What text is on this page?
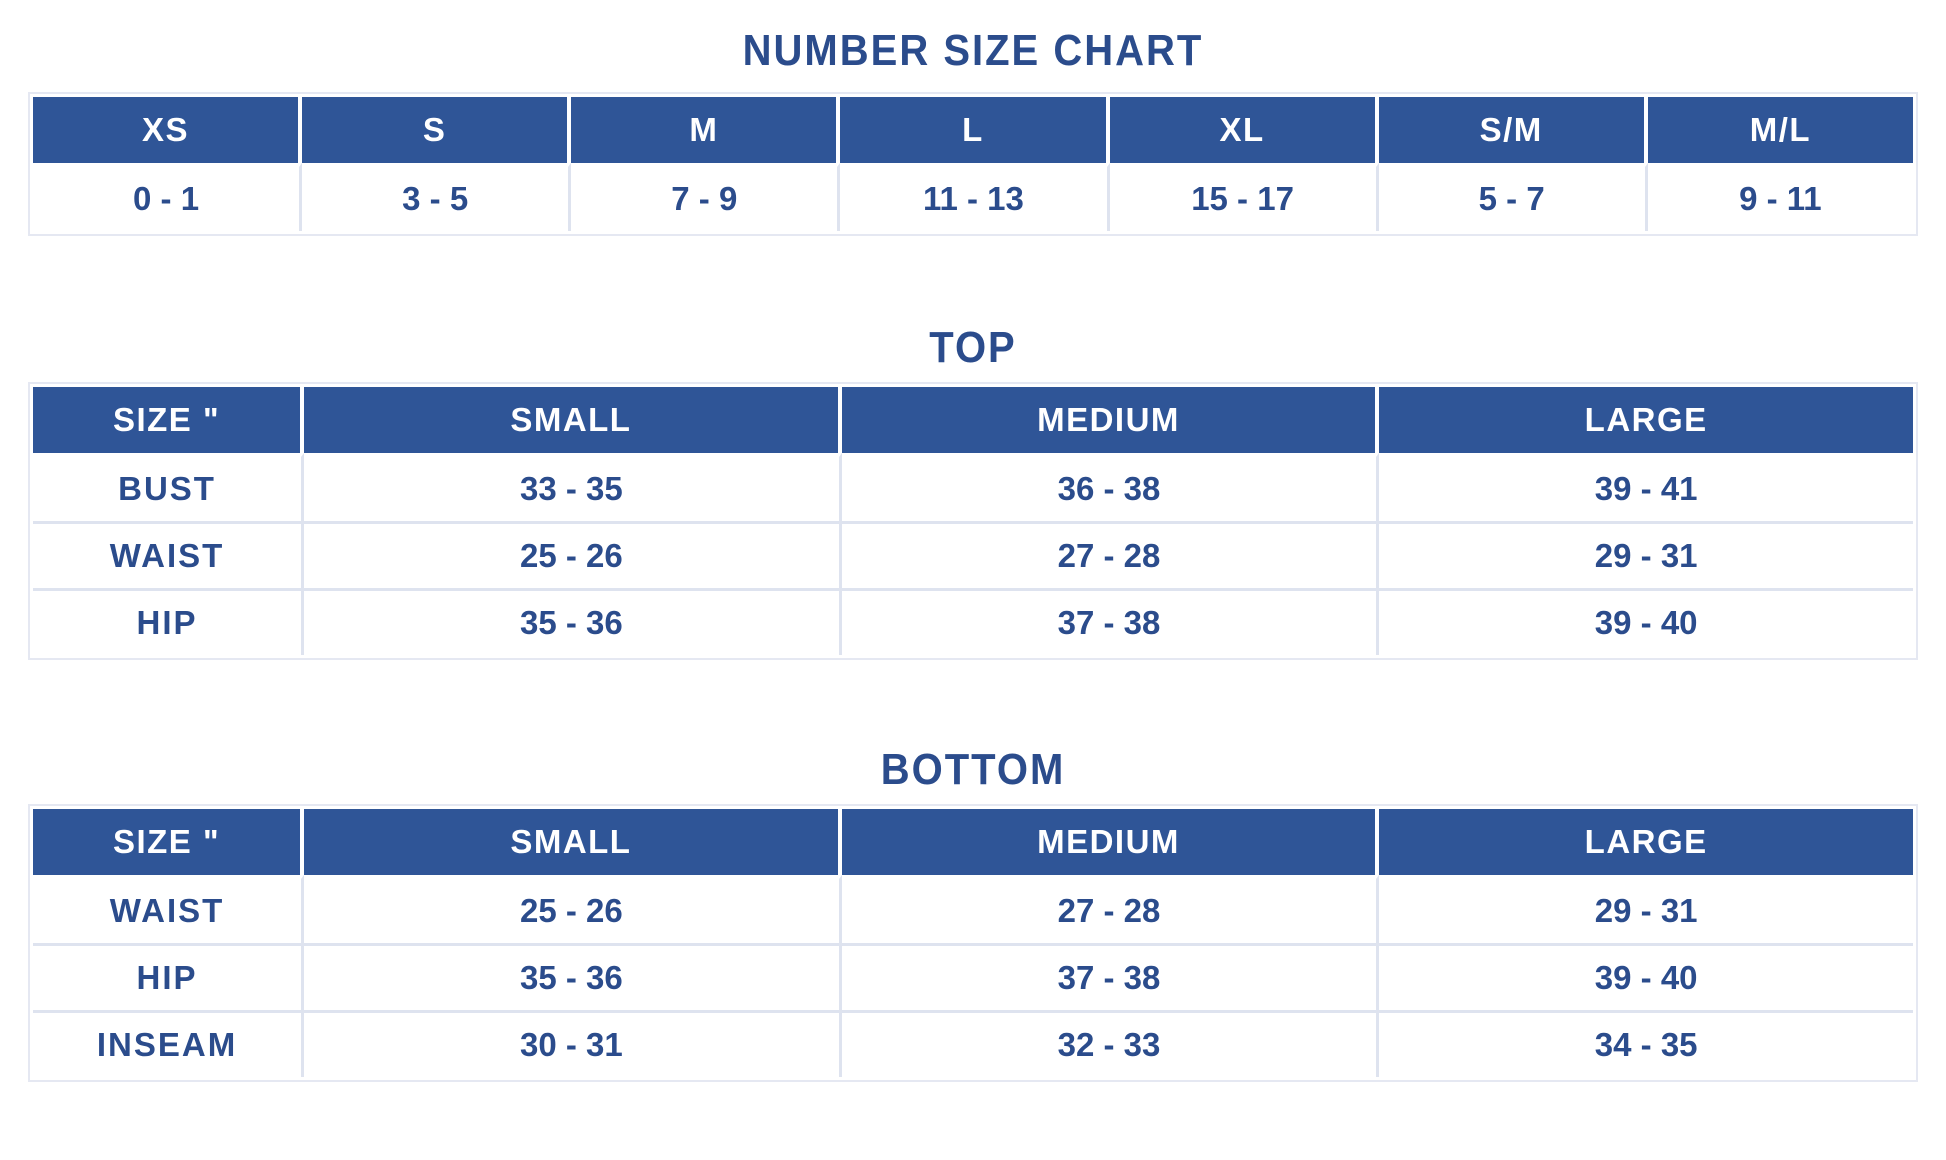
NUMBER SIZE CHART
XS	S	M	L	XL	S/M	M/L
0 - 1	3 - 5	7 - 9	11 - 13	15 - 17	5 - 7	9 - 11
TOP
SIZE "	SMALL	MEDIUM	LARGE
BUST	33 - 35	36 - 38	39 - 41
WAIST	25 - 26	27 - 28	29 - 31
HIP	35 - 36	37 - 38	39 - 40
BOTTOM
SIZE "	SMALL	MEDIUM	LARGE
WAIST	25 - 26	27 - 28	29 - 31
HIP	35 - 36	37 - 38	39 - 40
INSEAM	30 - 31	32 - 33	34 - 35
